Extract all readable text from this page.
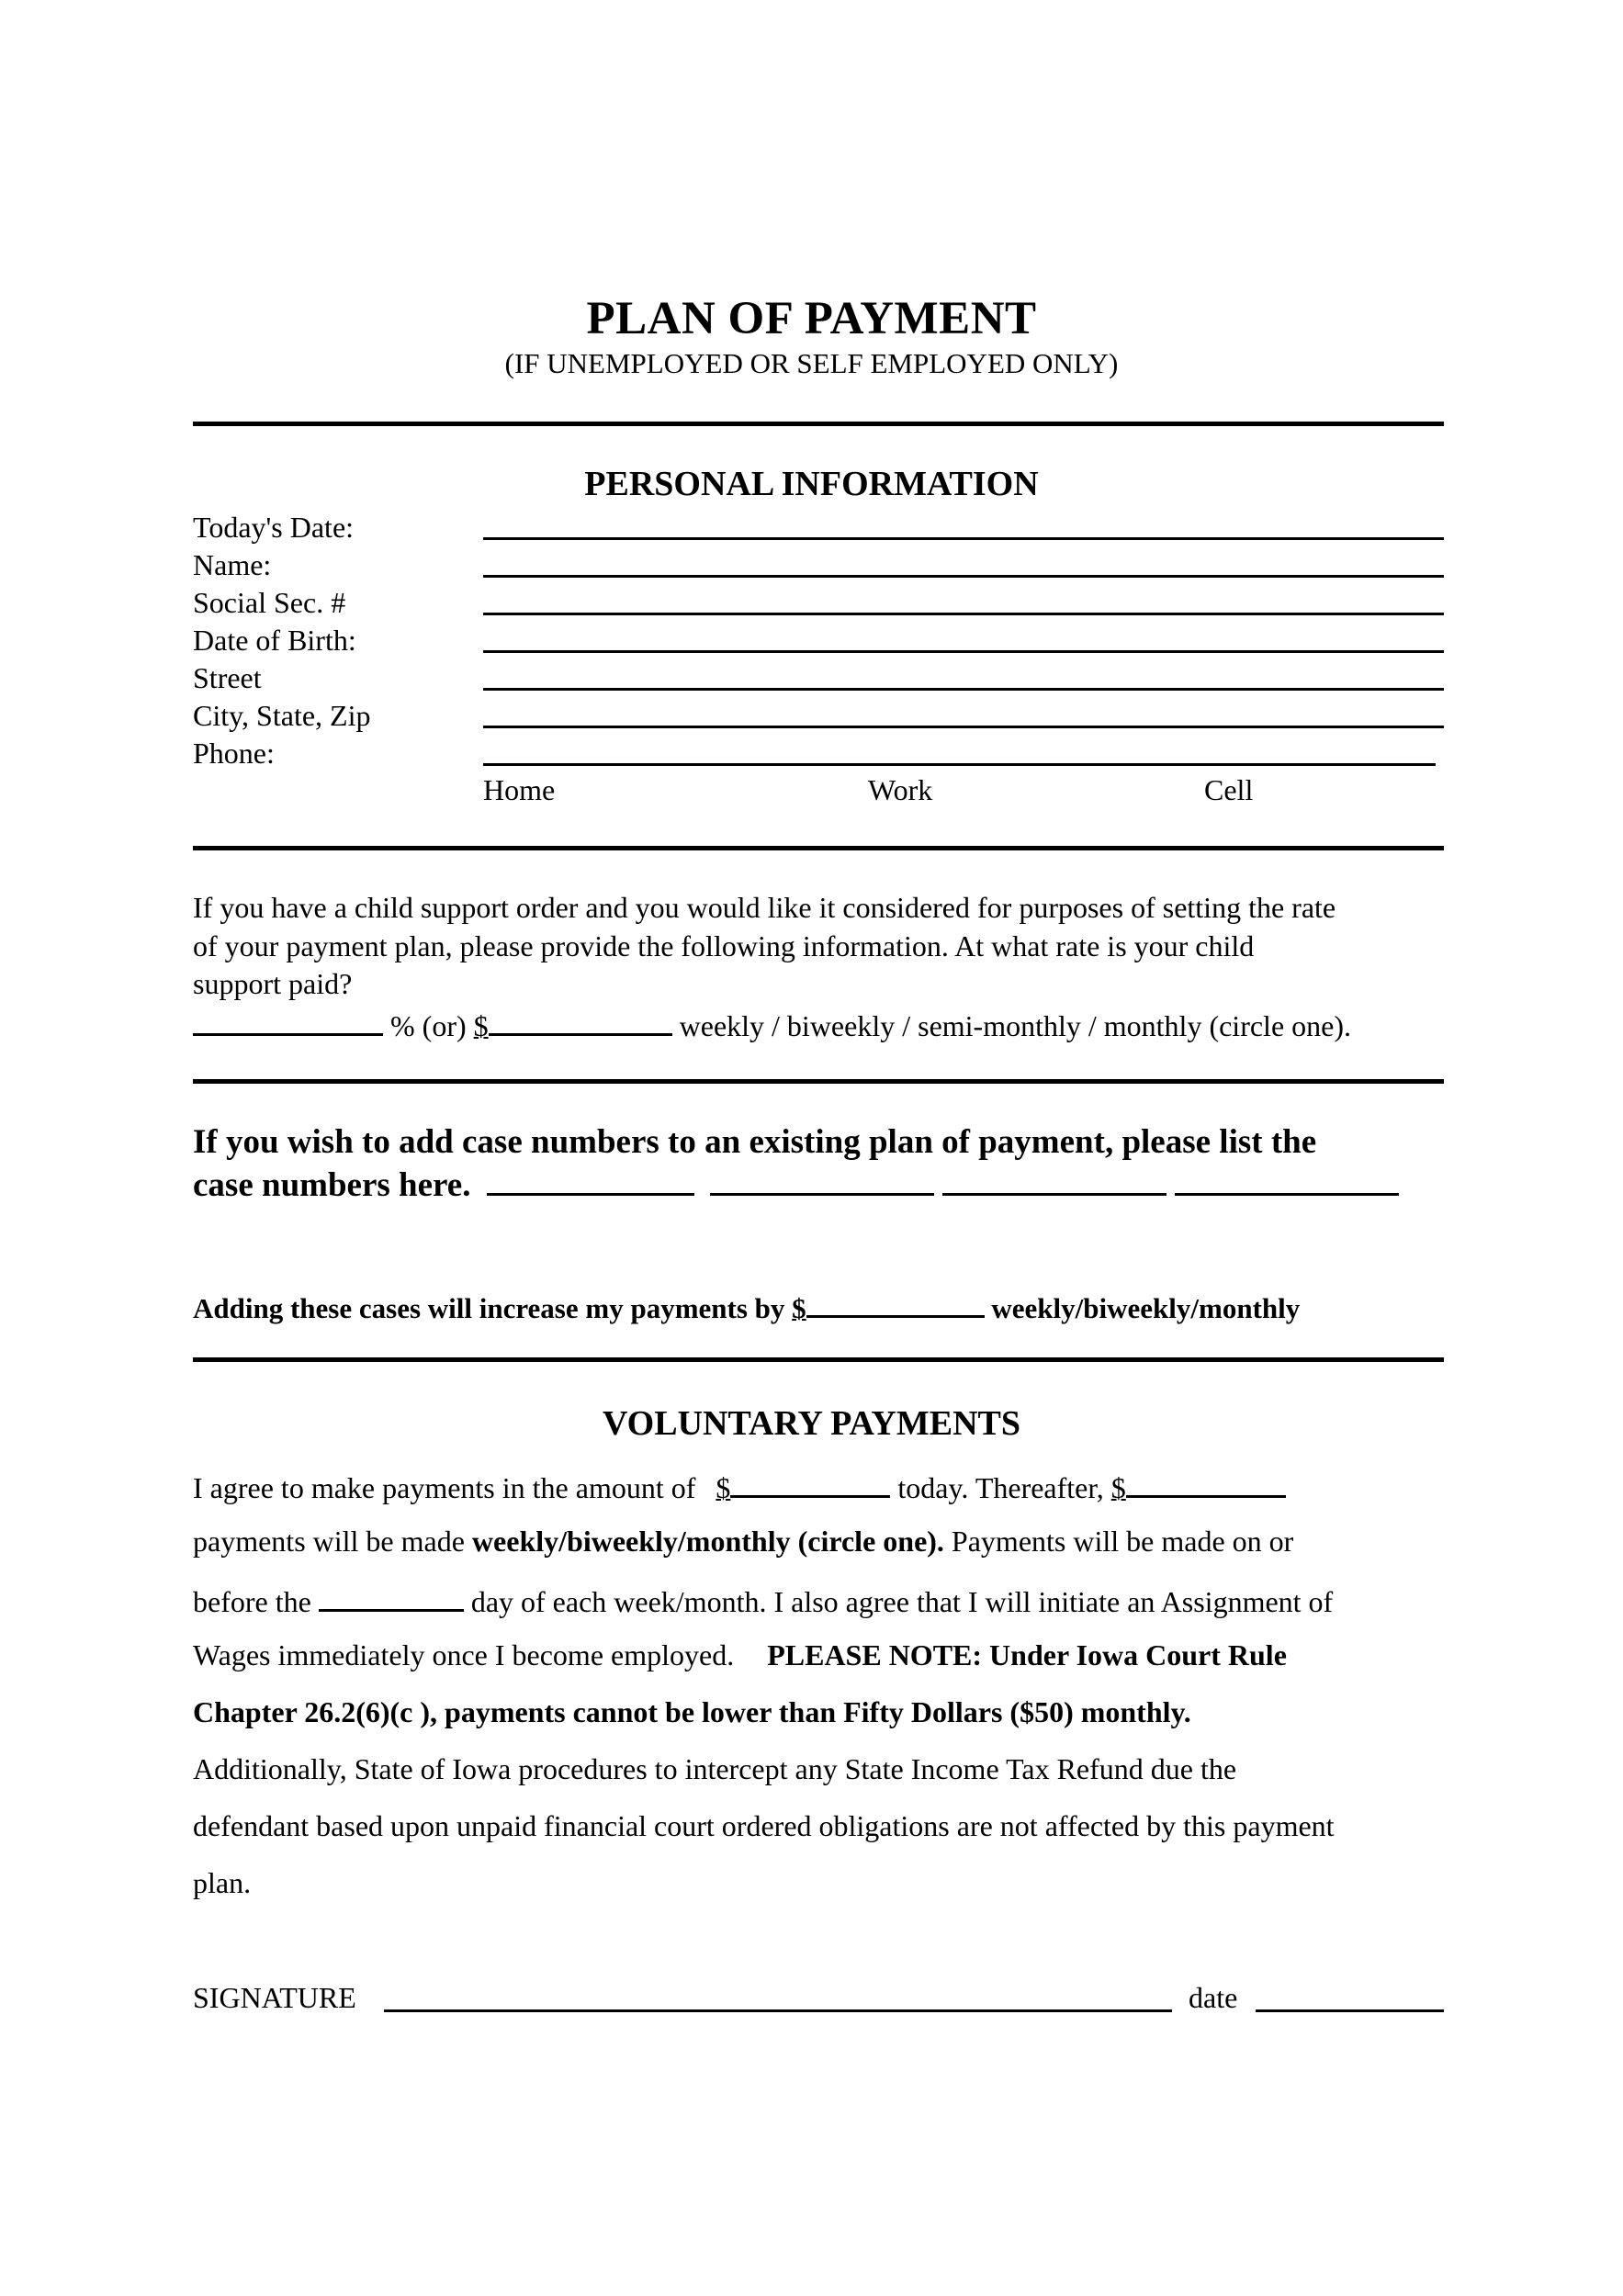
PLAN OF PAYMENT
(IF UNEMPLOYED OR SELF EMPLOYED ONLY)
PERSONAL INFORMATION
Today's Date:
Name:
Social Sec. #
Date of Birth:
Street
City, State, Zip
Phone:
Home	Work	Cell
If you have a child support order and you would like it considered for purposes of setting the rate
of your payment plan, please provide the following information. At what rate is your child
support paid?
% (or) $	weekly / biweekly / semi-monthly / monthly (circle one).
If you wish to add case numbers to an existing plan of payment, please list the
case numbers here.
Adding these cases will increase my payments by $	weekly/biweekly/monthly
VOLUNTARY PAYMENTS
I agree to make payments in the amount of $	today. Thereafter, $
payments will be made weekly/biweekly/monthly (circle one). Payments will be made on or
before the	day of each week/month. I also agree that I will initiate an Assignment of
Wages immediately once I become employed. PLEASE NOTE: Under Iowa Court Rule
Chapter 26.2(6)(c ), payments cannot be lower than Fifty Dollars ($50) monthly.
Additionally, State of Iowa procedures to intercept any State Income Tax Refund due the
defendant based upon unpaid financial court ordered obligations are not affected by this payment
plan.
SIGNATURE	date
